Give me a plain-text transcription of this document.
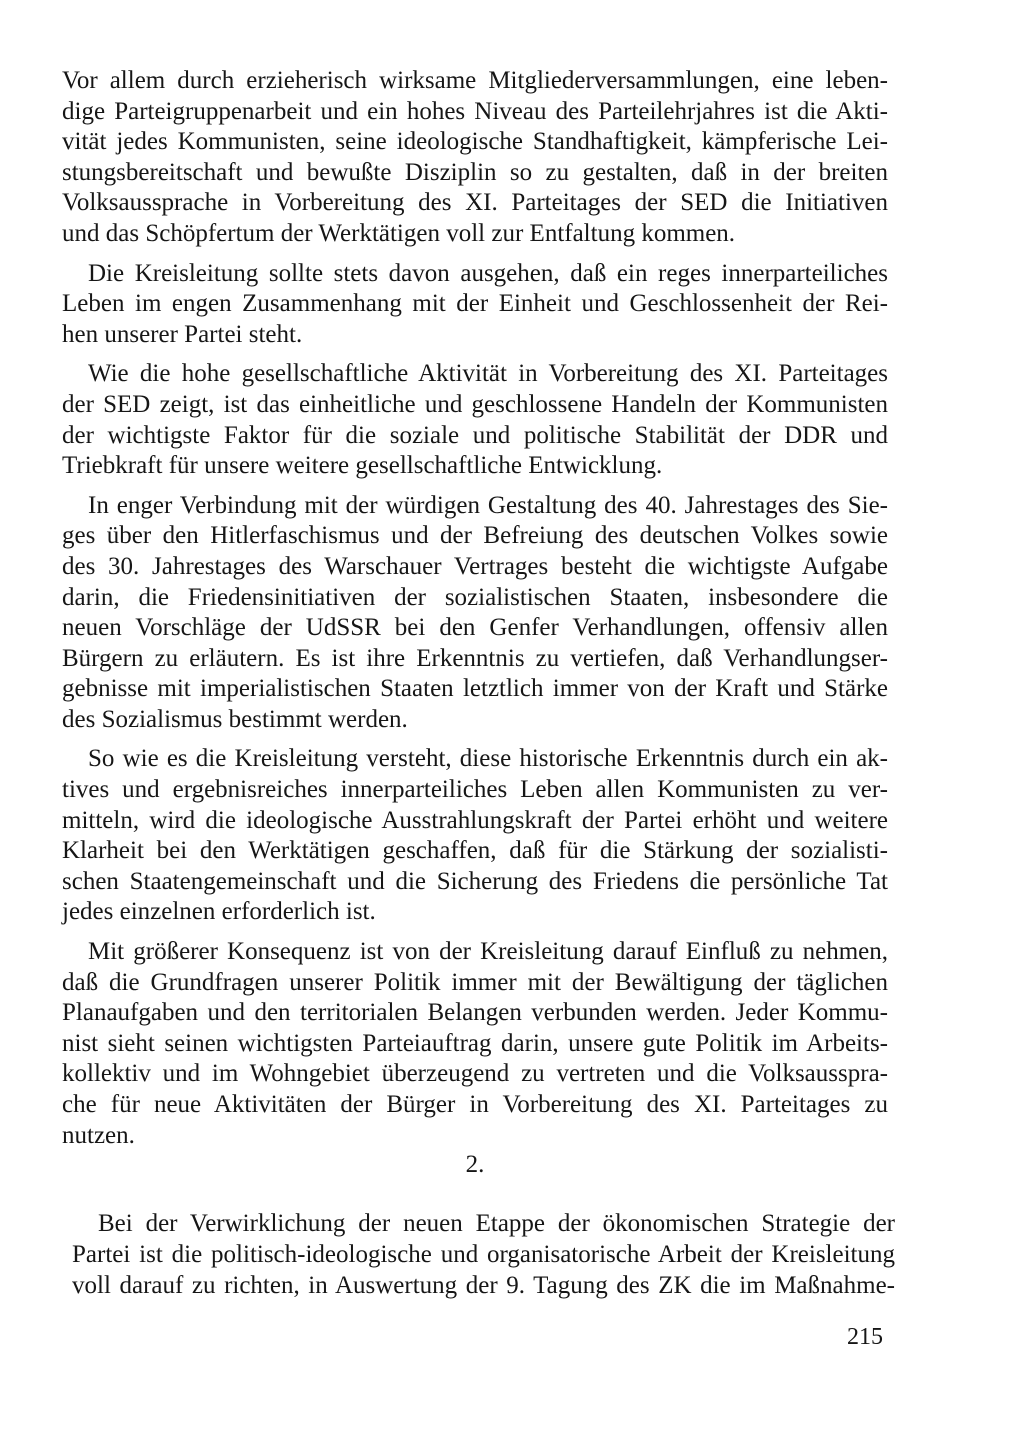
Vor allem durch erzieherisch wirksame Mitgliederversammlungen, eine leben-
dige Parteigruppenarbeit und ein hohes Niveau des Parteilehrjahres ist die Akti-
vität jedes Kommunisten, seine ideologische Standhaftigkeit, kämpferische Lei-
stungsbereitschaft und bewußte Disziplin so zu gestalten, daß in der breiten
Volksaussprache in Vorbereitung des XI. Parteitages der SED die Initiativen
und das Schöpfertum der Werktätigen voll zur Entfaltung kommen.

Die Kreisleitung sollte stets davon ausgehen, daß ein reges innerparteiliches
Leben im engen Zusammenhang mit der Einheit und Geschlossenheit der Rei-
hen unserer Partei steht.

Wie die hohe gesellschaftliche Aktivität in Vorbereitung des XI. Parteitages
der SED zeigt, ist das einheitliche und geschlossene Handeln der Kommunisten
der wichtigste Faktor für die soziale und politische Stabilität der DDR und
Triebkraft für unsere weitere gesellschaftliche Entwicklung.

In enger Verbindung mit der würdigen Gestaltung des 40. Jahrestages des Sie-
ges über den Hitlerfaschismus und der Befreiung des deutschen Volkes sowie
des 30. Jahrestages des Warschauer Vertrages besteht die wichtigste Aufgabe
darin, die Friedensinitiativen der sozialistischen Staaten, insbesondere die
neuen Vorschläge der UdSSR bei den Genfer Verhandlungen, offensiv allen
Bürgern zu erläutern. Es ist ihre Erkenntnis zu vertiefen, daß Verhandlungser-
gebnisse mit imperialistischen Staaten letztlich immer von der Kraft und Stärke
des Sozialismus bestimmt werden.

So wie es die Kreisleitung versteht, diese historische Erkenntnis durch ein ak-
tives und ergebnisreiches innerparteiliches Leben allen Kommunisten zu ver-
mitteln, wird die ideologische Ausstrahlungskraft der Partei erhöht und weitere
Klarheit bei den Werktätigen geschaffen, daß für die Stärkung der sozialisti-
schen Staatengemeinschaft und die Sicherung des Friedens die persönliche Tat
jedes einzelnen erforderlich ist.

Mit größerer Konsequenz ist von der Kreisleitung darauf Einfluß zu nehmen,
daß die Grundfragen unserer Politik immer mit der Bewältigung der täglichen
Planaufgaben und den territorialen Belangen verbunden werden. Jeder Kommu-
nist sieht seinen wichtigsten Parteiauftrag darin, unsere gute Politik im Arbeits-
kollektiv und im Wohngebiet überzeugend zu vertreten und die Volksausspra-
che für neue Aktivitäten der Bürger in Vorbereitung des XI. Parteitages zu
nutzen.

2.
Bei der Verwirklichung der neuen Etappe der ökonomischen Strategie der
Partei ist die politisch-ideologische und organisatorische Arbeit der Kreisleitung
voll darauf zu richten, in Auswertung der 9. Tagung des ZK die im Maßnahme-
215
